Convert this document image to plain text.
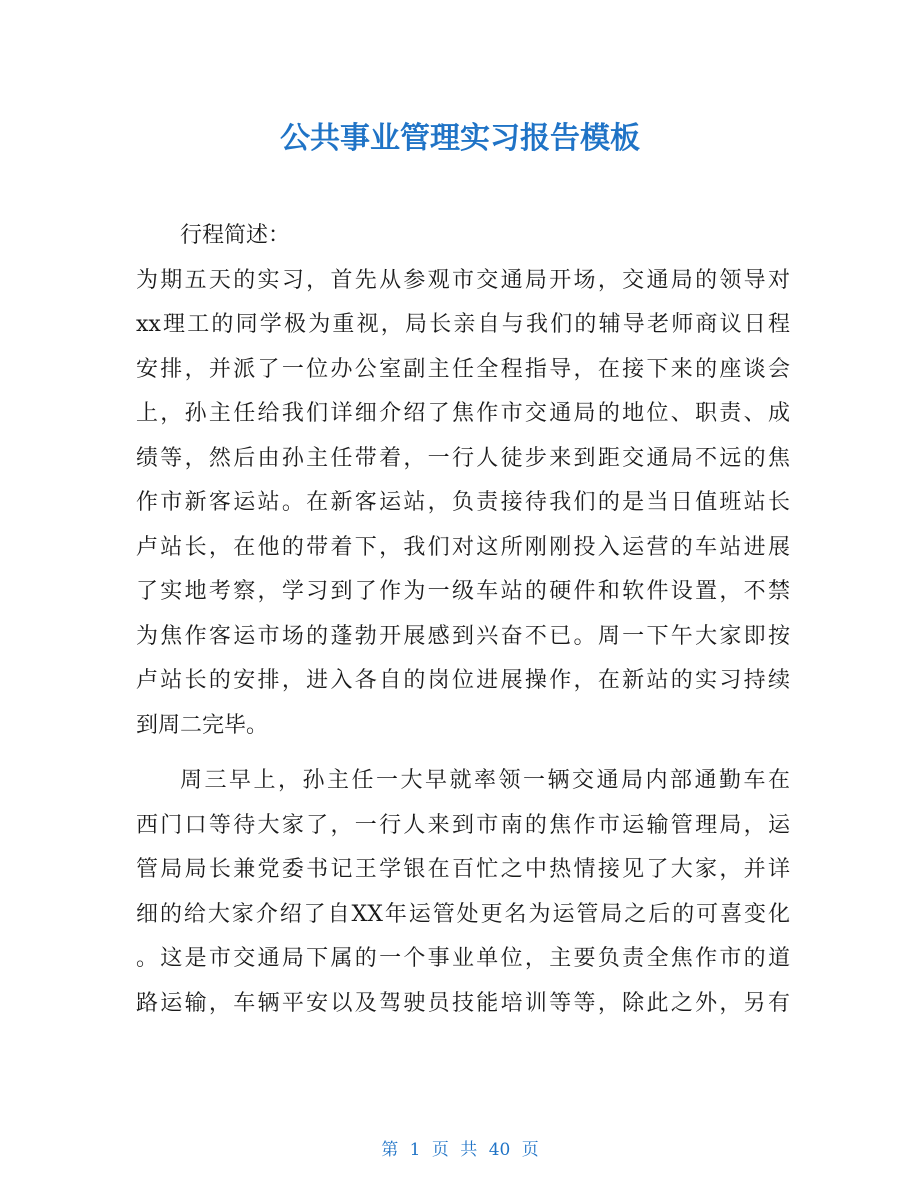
公共事业管理实习报告模板
行程简述：
为期五天的实习，首先从参观市交通局开场，交通局的领导对
xx理工的同学极为重视，局长亲自与我们的辅导老师商议日程
安排，并派了一位办公室副主任全程指导，在接下来的座谈会
上，孙主任给我们详细介绍了焦作市交通局的地位、职责、成
绩等，然后由孙主任带着，一行人徒步来到距交通局不远的焦
作市新客运站。在新客运站，负责接待我们的是当日值班站长
卢站长，在他的带着下，我们对这所刚刚投入运营的车站进展
了实地考察，学习到了作为一级车站的硬件和软件设置，不禁
为焦作客运市场的蓬勃开展感到兴奋不已。周一下午大家即按
卢站长的安排，进入各自的岗位进展操作，在新站的实习持续
到周二完毕。
周三早上，孙主任一大早就率领一辆交通局内部通勤车在
西门口等待大家了，一行人来到市南的焦作市运输管理局，运
管局局长兼党委书记王学银在百忙之中热情接见了大家，并详
细的给大家介绍了自XX年运管处更名为运管局之后的可喜变化
。这是市交通局下属的一个事业单位，主要负责全焦作市的道
路运输，车辆平安以及驾驶员技能培训等等，除此之外，另有
第 1 页 共 40 页
